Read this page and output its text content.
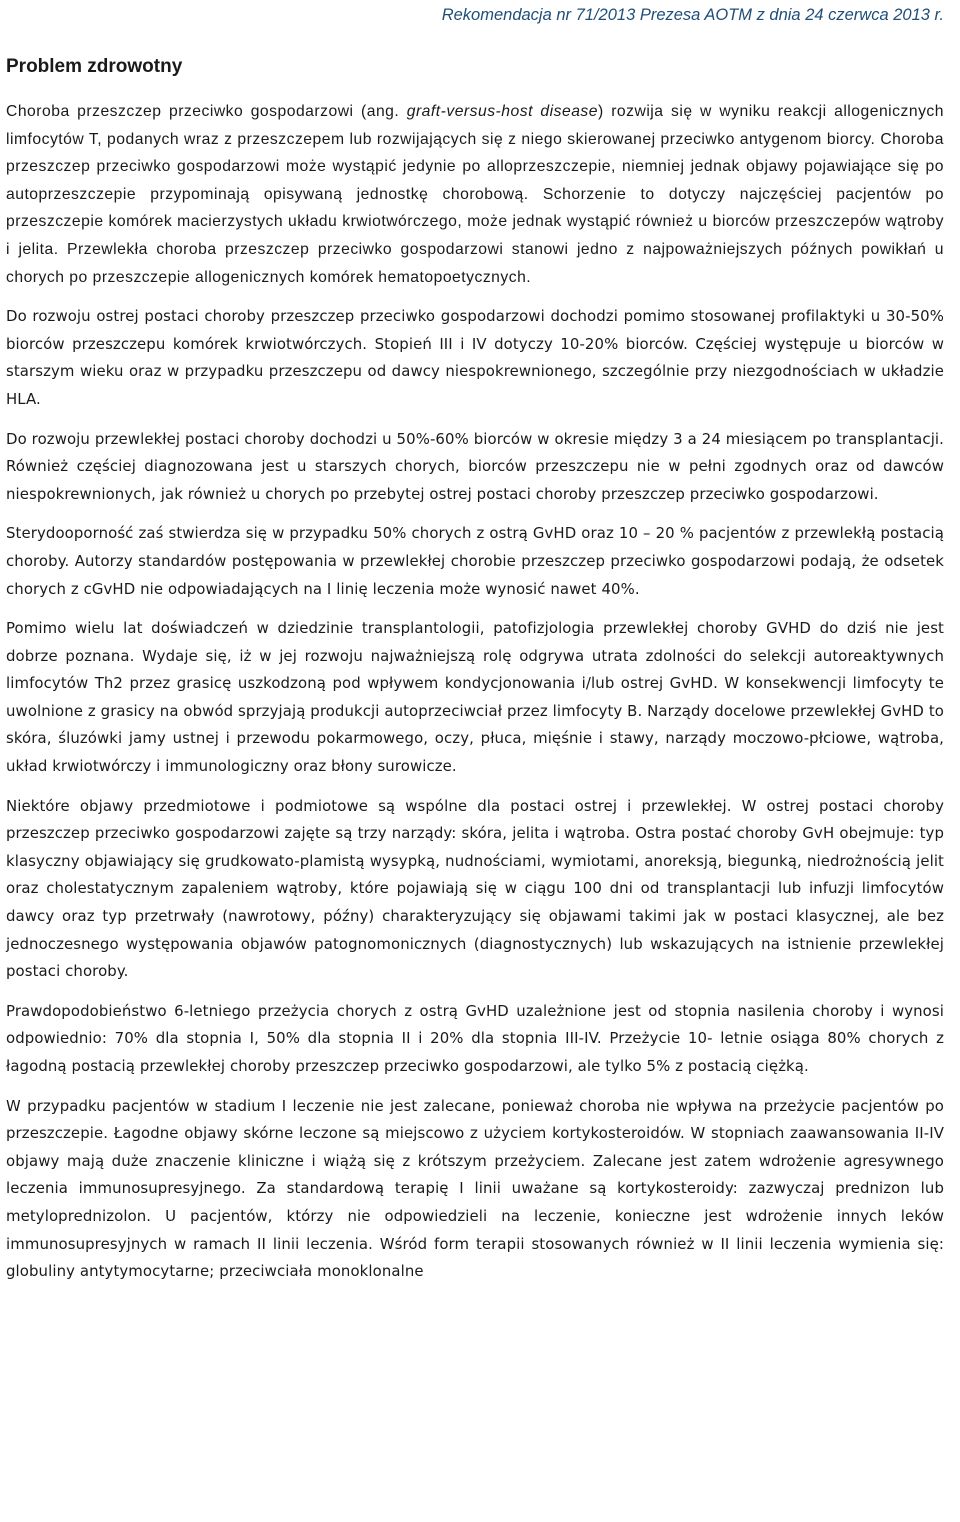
Rekomendacja nr 71/2013 Prezesa AOTM z dnia 24 czerwca 2013 r.
Problem zdrowotny

Choroba przeszczep przeciwko gospodarzowi (ang. graft-versus-host disease) rozwija się w wyniku reakcji allogenicznych limfocytów T, podanych wraz z przeszczepem lub rozwijających się z niego skierowanej przeciwko antygenom biorcy. Choroba przeszczep przeciwko gospodarzowi może wystąpić jedynie po alloprzeszczepie, niemniej jednak objawy pojawiające się po autoprzeszczepie przypominają opisywaną jednostkę chorobową. Schorzenie to dotyczy najczęściej pacjentów po przeszczepie komórek macierzystych układu krwiotwórczego, może jednak wystąpić również u biorców przeszczepów wątroby i jelita. Przewlekła choroba przeszczep przeciwko gospodarzowi stanowi jedno z najpoważniejszych późnych powikłań u chorych po przeszczepie allogenicznych komórek hematopoetycznych.

Do rozwoju ostrej postaci choroby przeszczep przeciwko gospodarzowi dochodzi pomimo stosowanej profilaktyki u 30-50% biorców przeszczepu komórek krwiotwórczych. Stopień III i IV dotyczy 10-20% biorców. Częściej występuje u biorców w starszym wieku oraz w przypadku przeszczepu od dawcy niespokrewnionego, szczególnie przy niezgodnościach w układzie HLA.

Do rozwoju przewlekłej postaci choroby dochodzi u 50%-60% biorców w okresie między 3 a 24 miesiącem po transplantacji. Również częściej diagnozowana jest u starszych chorych, biorców przeszczepu nie w pełni zgodnych oraz od dawców niespokrewnionych, jak również u chorych po przebytej ostrej postaci choroby przeszczep przeciwko gospodarzowi.

Sterydooporność zaś stwierdza się w przypadku 50% chorych z ostrą GvHD oraz 10 – 20 % pacjentów z przewlekłą postacią choroby. Autorzy standardów postępowania w przewlekłej chorobie przeszczep przeciwko gospodarzowi podają, że odsetek chorych z cGvHD nie odpowiadających na I linię leczenia może wynosić nawet 40%.

Pomimo wielu lat doświadczeń w dziedzinie transplantologii, patofizjologia przewlekłej choroby GVHD do dziś nie jest dobrze poznana. Wydaje się, iż w jej rozwoju najważniejszą rolę odgrywa utrata zdolności do selekcji autoreaktywnych limfocytów Th2 przez grasicę uszkodzoną pod wpływem kondycjonowania i/lub ostrej GvHD. W konsekwencji limfocyty te uwolnione z grasicy na obwód sprzyjają produkcji autoprzeciwciał przez limfocyty B. Narządy docelowe przewlekłej GvHD to skóra, śluzówki jamy ustnej i przewodu pokarmowego, oczy, płuca, mięśnie i stawy, narządy moczowo-płciowe, wątroba, układ krwiotwórczy i immunologiczny oraz błony surowicze.

Niektóre objawy przedmiotowe i podmiotowe są wspólne dla postaci ostrej i przewlekłej. W ostrej postaci choroby przeszczep przeciwko gospodarzowi zajęte są trzy narządy: skóra, jelita i wątroba. Ostra postać choroby GvH obejmuje: typ klasyczny objawiający się grudkowato-plamistą wysypką, nudnościami, wymiotami, anoreksją, biegunką, niedrożnością jelit oraz cholestatycznym zapaleniem wątroby, które pojawiają się w ciągu 100 dni od transplantacji lub infuzji limfocytów dawcy oraz typ przetrwały (nawrotowy, późny) charakteryzujący się objawami takimi jak w postaci klasycznej, ale bez jednoczesnego występowania objawów patognomonicznych (diagnostycznych) lub wskazujących na istnienie przewlekłej postaci choroby.

Prawdopodobieństwo 6-letniego przeżycia chorych z ostrą GvHD uzależnione jest od stopnia nasilenia choroby i wynosi odpowiednio: 70% dla stopnia I, 50% dla stopnia II i 20% dla stopnia III-IV. Przeżycie 10- letnie osiąga 80% chorych z łagodną postacią przewlekłej choroby przeszczep przeciwko gospodarzowi, ale tylko 5% z postacią ciężką.

W przypadku pacjentów w stadium I leczenie nie jest zalecane, ponieważ choroba nie wpływa na przeżycie pacjentów po przeszczepie. Łagodne objawy skórne leczone są miejscowo z użyciem kortykosteroidów. W stopniach zaawansowania II-IV objawy mają duże znaczenie kliniczne i wiążą się z krótszym przeżyciem. Zalecane jest zatem wdrożenie agresywnego leczenia immunosupresyjnego. Za standardową terapię I linii uważane są kortykosteroidy: zazwyczaj prednizon lub metyloprednizolon. U pacjentów, którzy nie odpowiedzieli na leczenie, konieczne jest wdrożenie innych leków immunosupresyjnych w ramach II linii leczenia. Wśród form terapii stosowanych również w II linii leczenia wymienia się: globuliny antytymocytarne; przeciwciała monoklonalne
